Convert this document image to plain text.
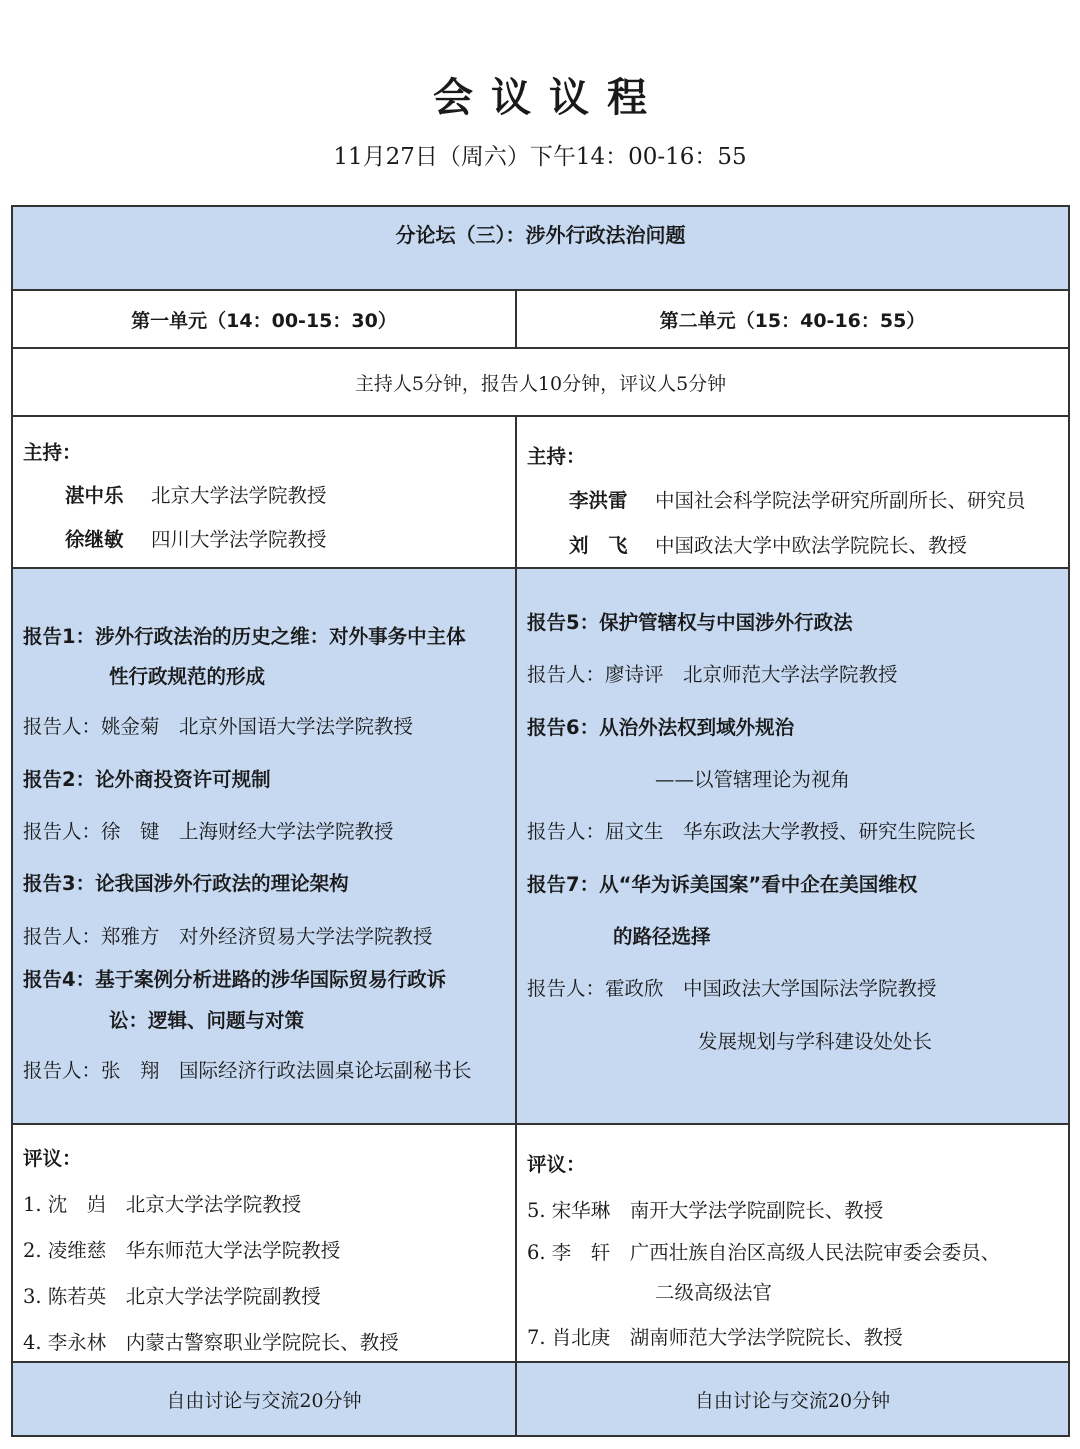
会议议程
11月27日（周六）下午14：00-16：55
分论坛（三）：涉外行政法治问题
第一单元（14：00-15：30）	第二单元（15：40-16：55）
主持人5分钟，报告人10分钟，评议人5分钟
主持：
湛中乐 北京大学法学院教授
徐继敏 四川大学法学院教授
主持：
李洪雷 中国社会科学院法学研究所副所长、研究员
刘　飞 中国政法大学中欧法学院院长、教授
报告1：涉外行政法治的历史之维：对外事务中主体
性行政规范的形成
报告人：姚金菊　北京外国语大学法学院教授
报告2：论外商投资许可规制
报告人：徐　键　上海财经大学法学院教授
报告3：论我国涉外行政法的理论架构
报告人：郑雅方　对外经济贸易大学法学院教授
报告4：基于案例分析进路的涉华国际贸易行政诉
讼：逻辑、问题与对策
报告人：张　翔　国际经济行政法圆桌论坛副秘书长
报告5：保护管辖权与中国涉外行政法
报告人：廖诗评　北京师范大学法学院教授
报告6：从治外法权到域外规治
——以管辖理论为视角
报告人：屈文生　华东政法大学教授、研究生院院长
报告7：从“华为诉美国案”看中企在美国维权
的路径选择
报告人：霍政欣　中国政法大学国际法学院教授
发展规划与学科建设处处长
评议：
1. 沈　岿　北京大学法学院教授
2. 凌维慈　华东师范大学法学院教授
3. 陈若英　北京大学法学院副教授
4. 李永林　内蒙古警察职业学院院长、教授
评议：
5. 宋华琳　南开大学法学院副院长、教授
6. 李　轩　广西壮族自治区高级人民法院审委会委员、
二级高级法官
7. 肖北庚　湖南师范大学法学院院长、教授
自由讨论与交流20分钟	自由讨论与交流20分钟
